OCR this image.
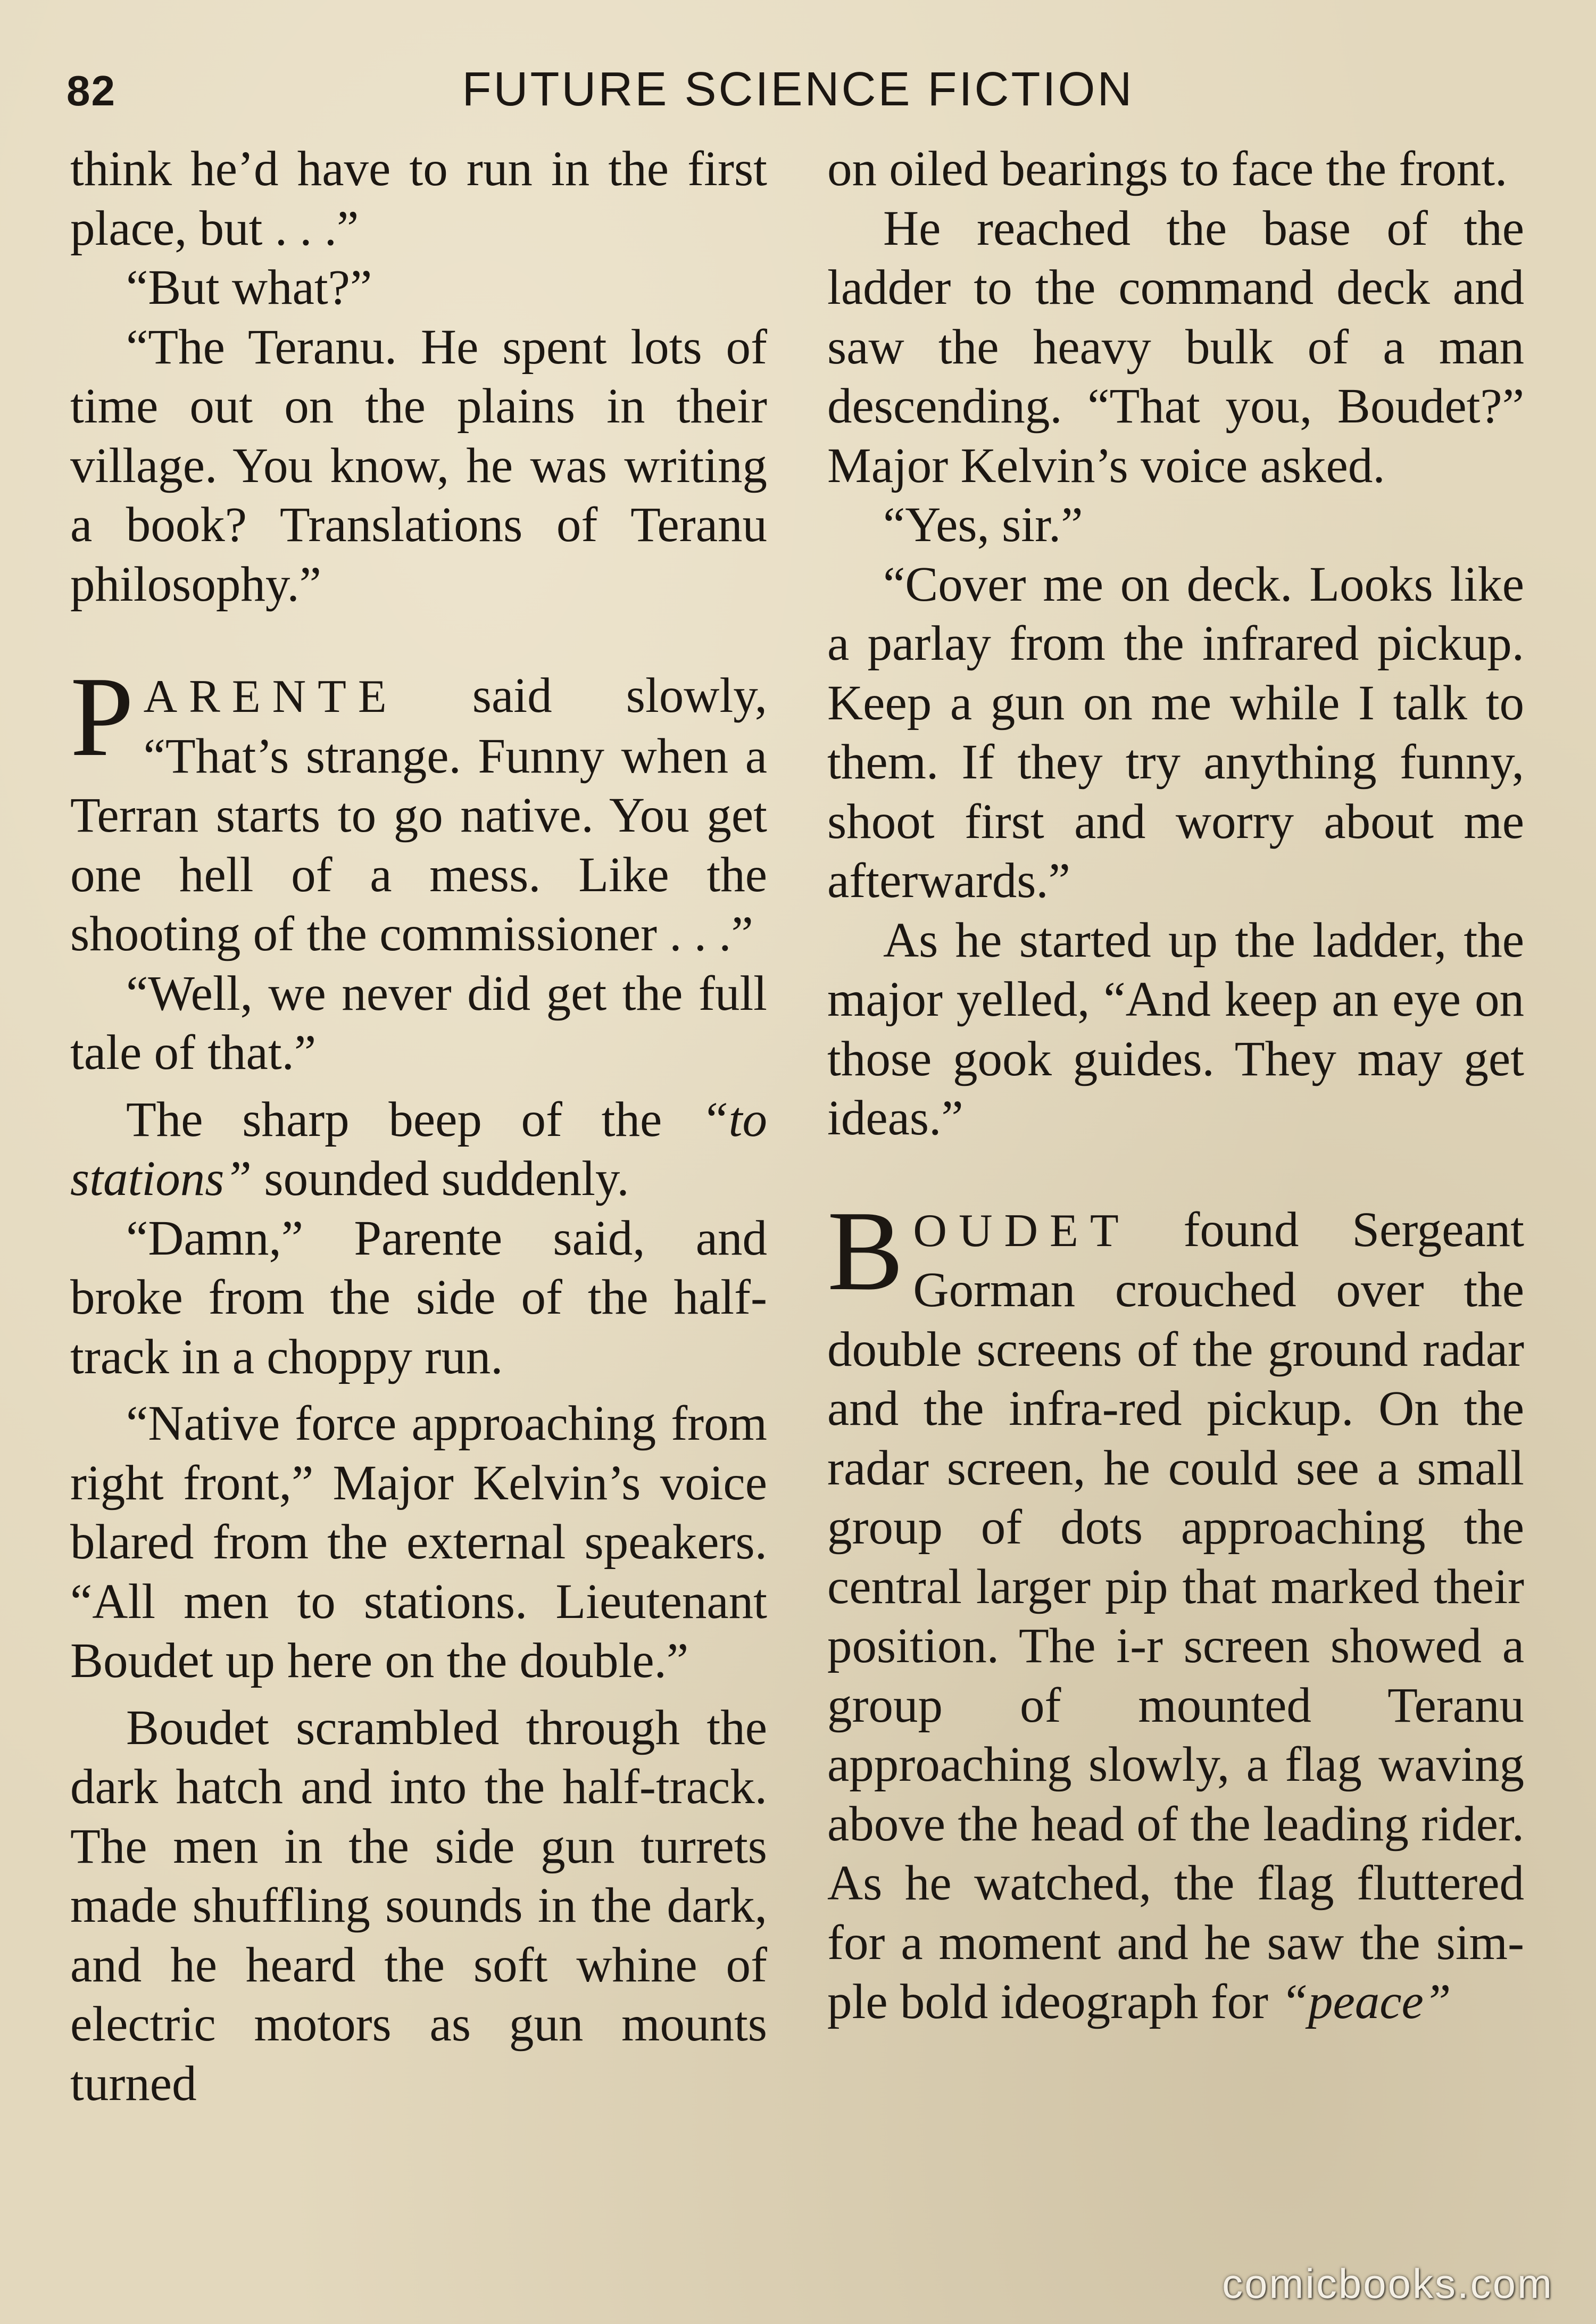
82	FUTURE SCIENCE FICTION

think he’d have to run in the first place, but . . .”

“But what?”

“The Teranu. He spent lots of time out on the plains in their village. You know, he was writing a book? Translations of Teranu philosophy.”

PARENTE said slowly, “That’s strange. Funny when a Terran starts to go native. You get one hell of a mess. Like the shooting of the commissioner . . .”

“Well, we never did get the full tale of that.”

The sharp beep of the “to stations” sounded suddenly.

“Damn,” Parente said, and broke from the side of the half-track in a choppy run.

“Native force approaching from right front,” Major Kelvin’s voice blared from the external speakers. “All men to stations. Lieutenant Boudet up here on the double.”

Boudet scrambled through the dark hatch and into the half-track. The men in the side gun turrets made shuffling sounds in the dark, and he heard the soft whine of electric motors as gun mounts turned

on oiled bearings to face the front.

He reached the base of the ladder to the command deck and saw the heavy bulk of a man descending. “That you, Boudet?” Major Kelvin’s voice asked.

“Yes, sir.”

“Cover me on deck. Looks like a parlay from the infrared pickup. Keep a gun on me while I talk to them. If they try anything funny, shoot first and worry about me afterwards.”

As he started up the ladder, the major yelled, “And keep an eye on those gook guides. They may get ideas.”

BOUDET found Sergeant Gorman crouched over the double screens of the ground radar and the infra-red pickup. On the radar screen, he could see a small group of dots approaching the central larger pip that marked their position. The i-r screen showed a group of mounted Teranu approaching slowly, a flag waving above the head of the leading rider. As he watched, the flag fluttered for a moment and he saw the simple bold ideograph for “peace”

comicbooks.com
